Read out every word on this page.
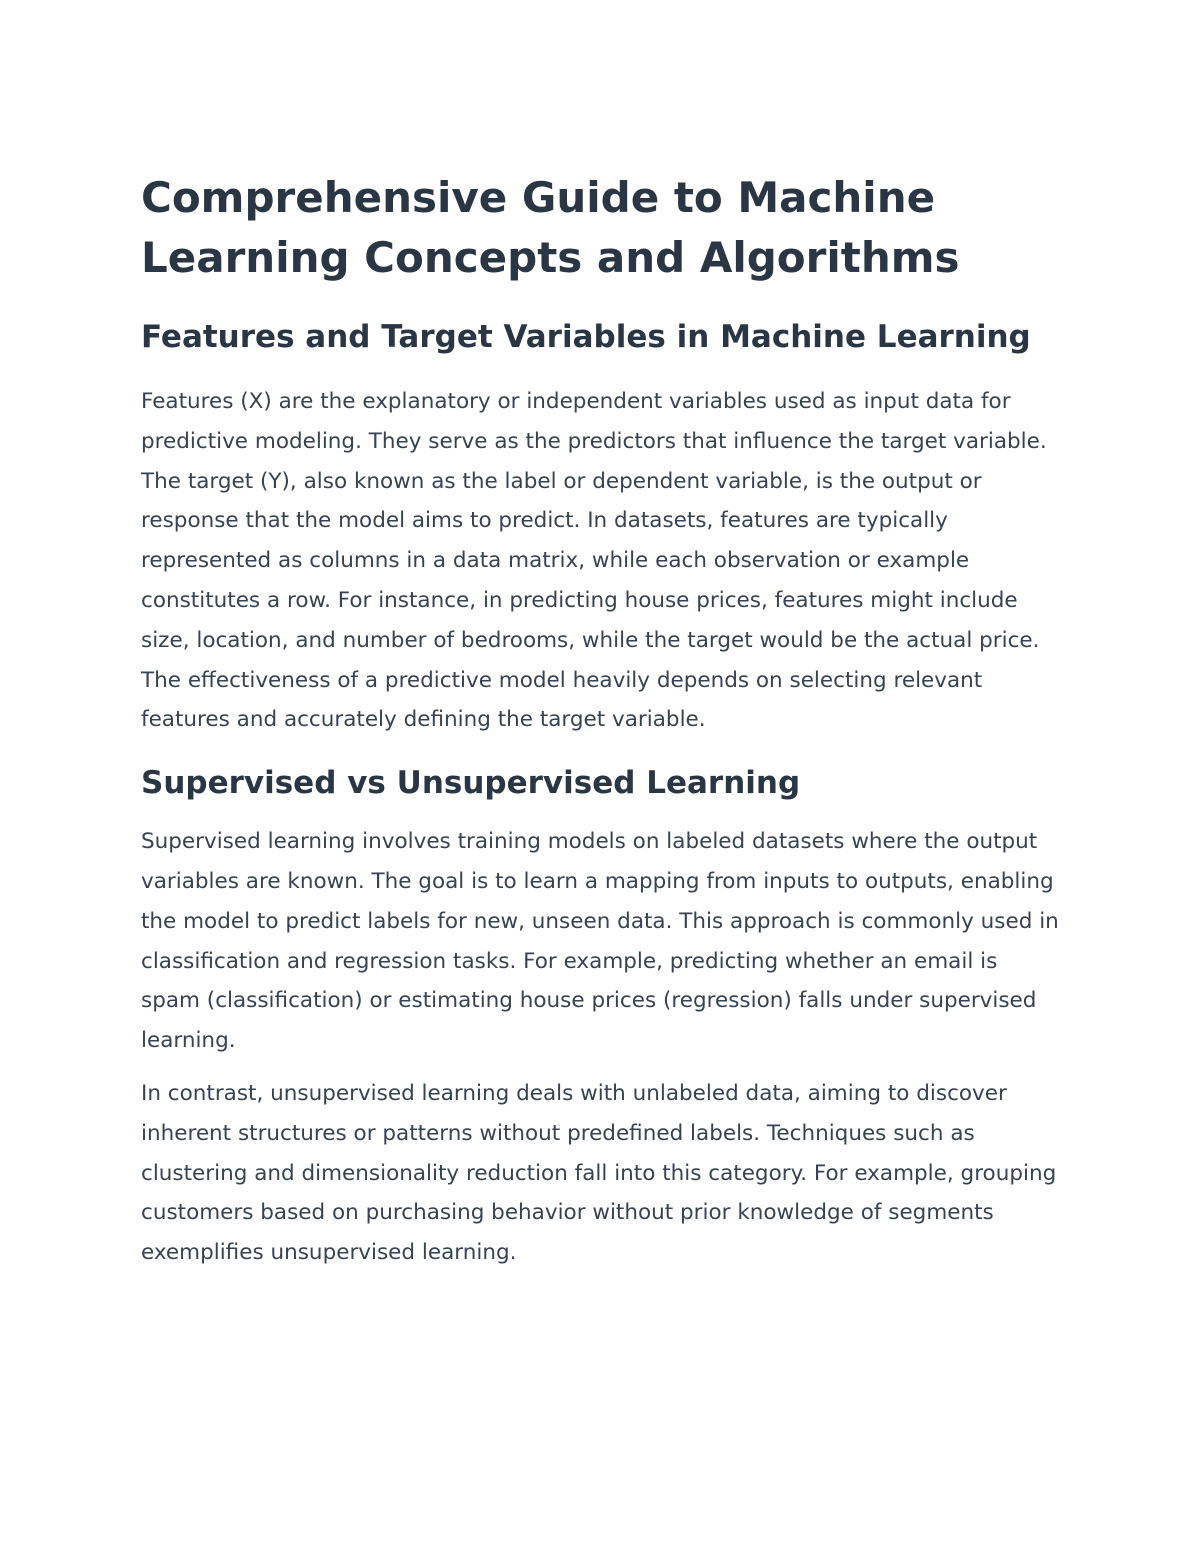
Comprehensive Guide to Machine Learning Concepts and Algorithms
Features and Target Variables in Machine Learning

Features (X) are the explanatory or independent variables used as input data for predictive modeling. They serve as the predictors that influence the target variable. The target (Y), also known as the label or dependent variable, is the output or response that the model aims to predict. In datasets, features are typically represented as columns in a data matrix, while each observation or example constitutes a row. For instance, in predicting house prices, features might include size, location, and number of bedrooms, while the target would be the actual price. The effectiveness of a predictive model heavily depends on selecting relevant features and accurately defining the target variable.

Supervised vs Unsupervised Learning

Supervised learning involves training models on labeled datasets where the output variables are known. The goal is to learn a mapping from inputs to outputs, enabling the model to predict labels for new, unseen data. This approach is commonly used in classification and regression tasks. For example, predicting whether an email is spam (classification) or estimating house prices (regression) falls under supervised learning.

In contrast, unsupervised learning deals with unlabeled data, aiming to discover inherent structures or patterns without predefined labels. Techniques such as clustering and dimensionality reduction fall into this category. For example, grouping customers based on purchasing behavior without prior knowledge of segments exemplifies unsupervised learning.
